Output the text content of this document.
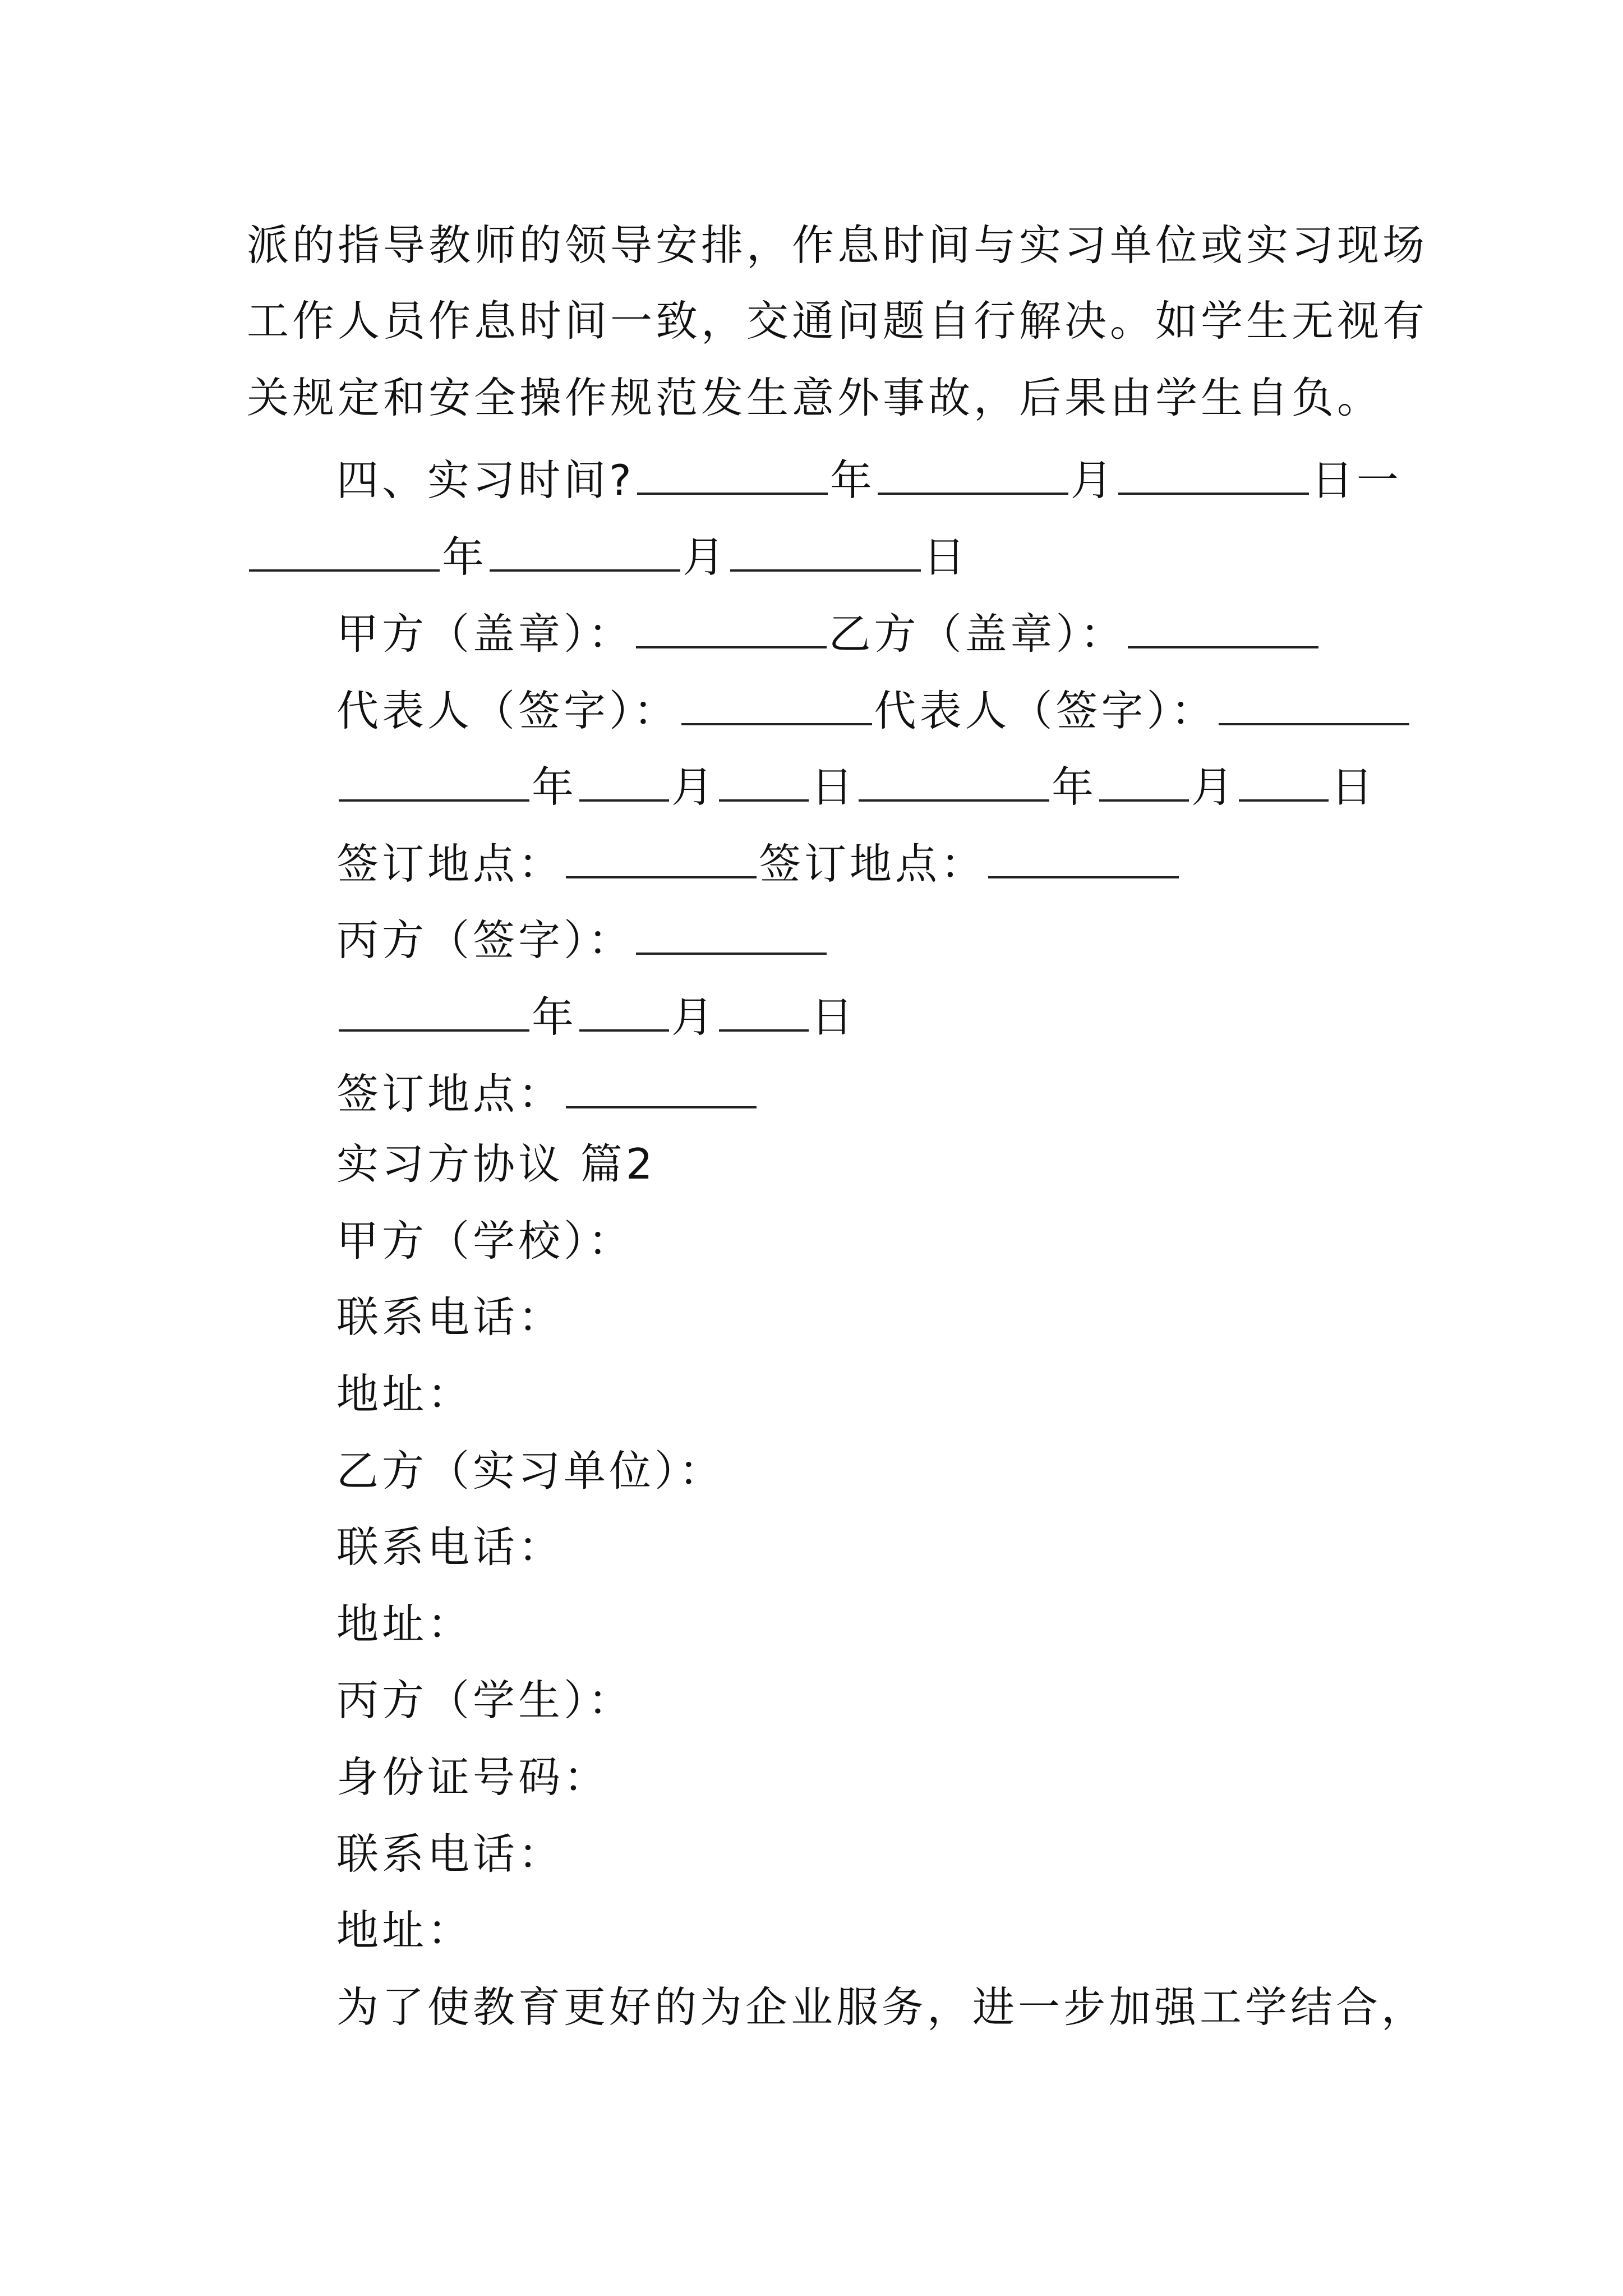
派的指导教师的领导安排，作息时间与实习单位或实习现场
工作人员作息时间一致，交通问题自行解决。如学生无视有
关规定和安全操作规范发生意外事故，后果由学生自负。
四、实习时间?	年	月	日一
年	月	日
甲方（盖章）：	乙方（盖章）：
代表人（签字）：	代表人（签字）：
年 月 日	年 月 日
签订地点：	签订地点：
丙方（签字）：
年 月 日
签订地点：
实习方协议 篇2
甲方（学校）：
联系电话：
地址：
乙方（实习单位）：
联系电话：
地址：
丙方（学生）：
身份证号码：
联系电话：
地址：
为了使教育更好的为企业服务，进一步加强工学结合，
